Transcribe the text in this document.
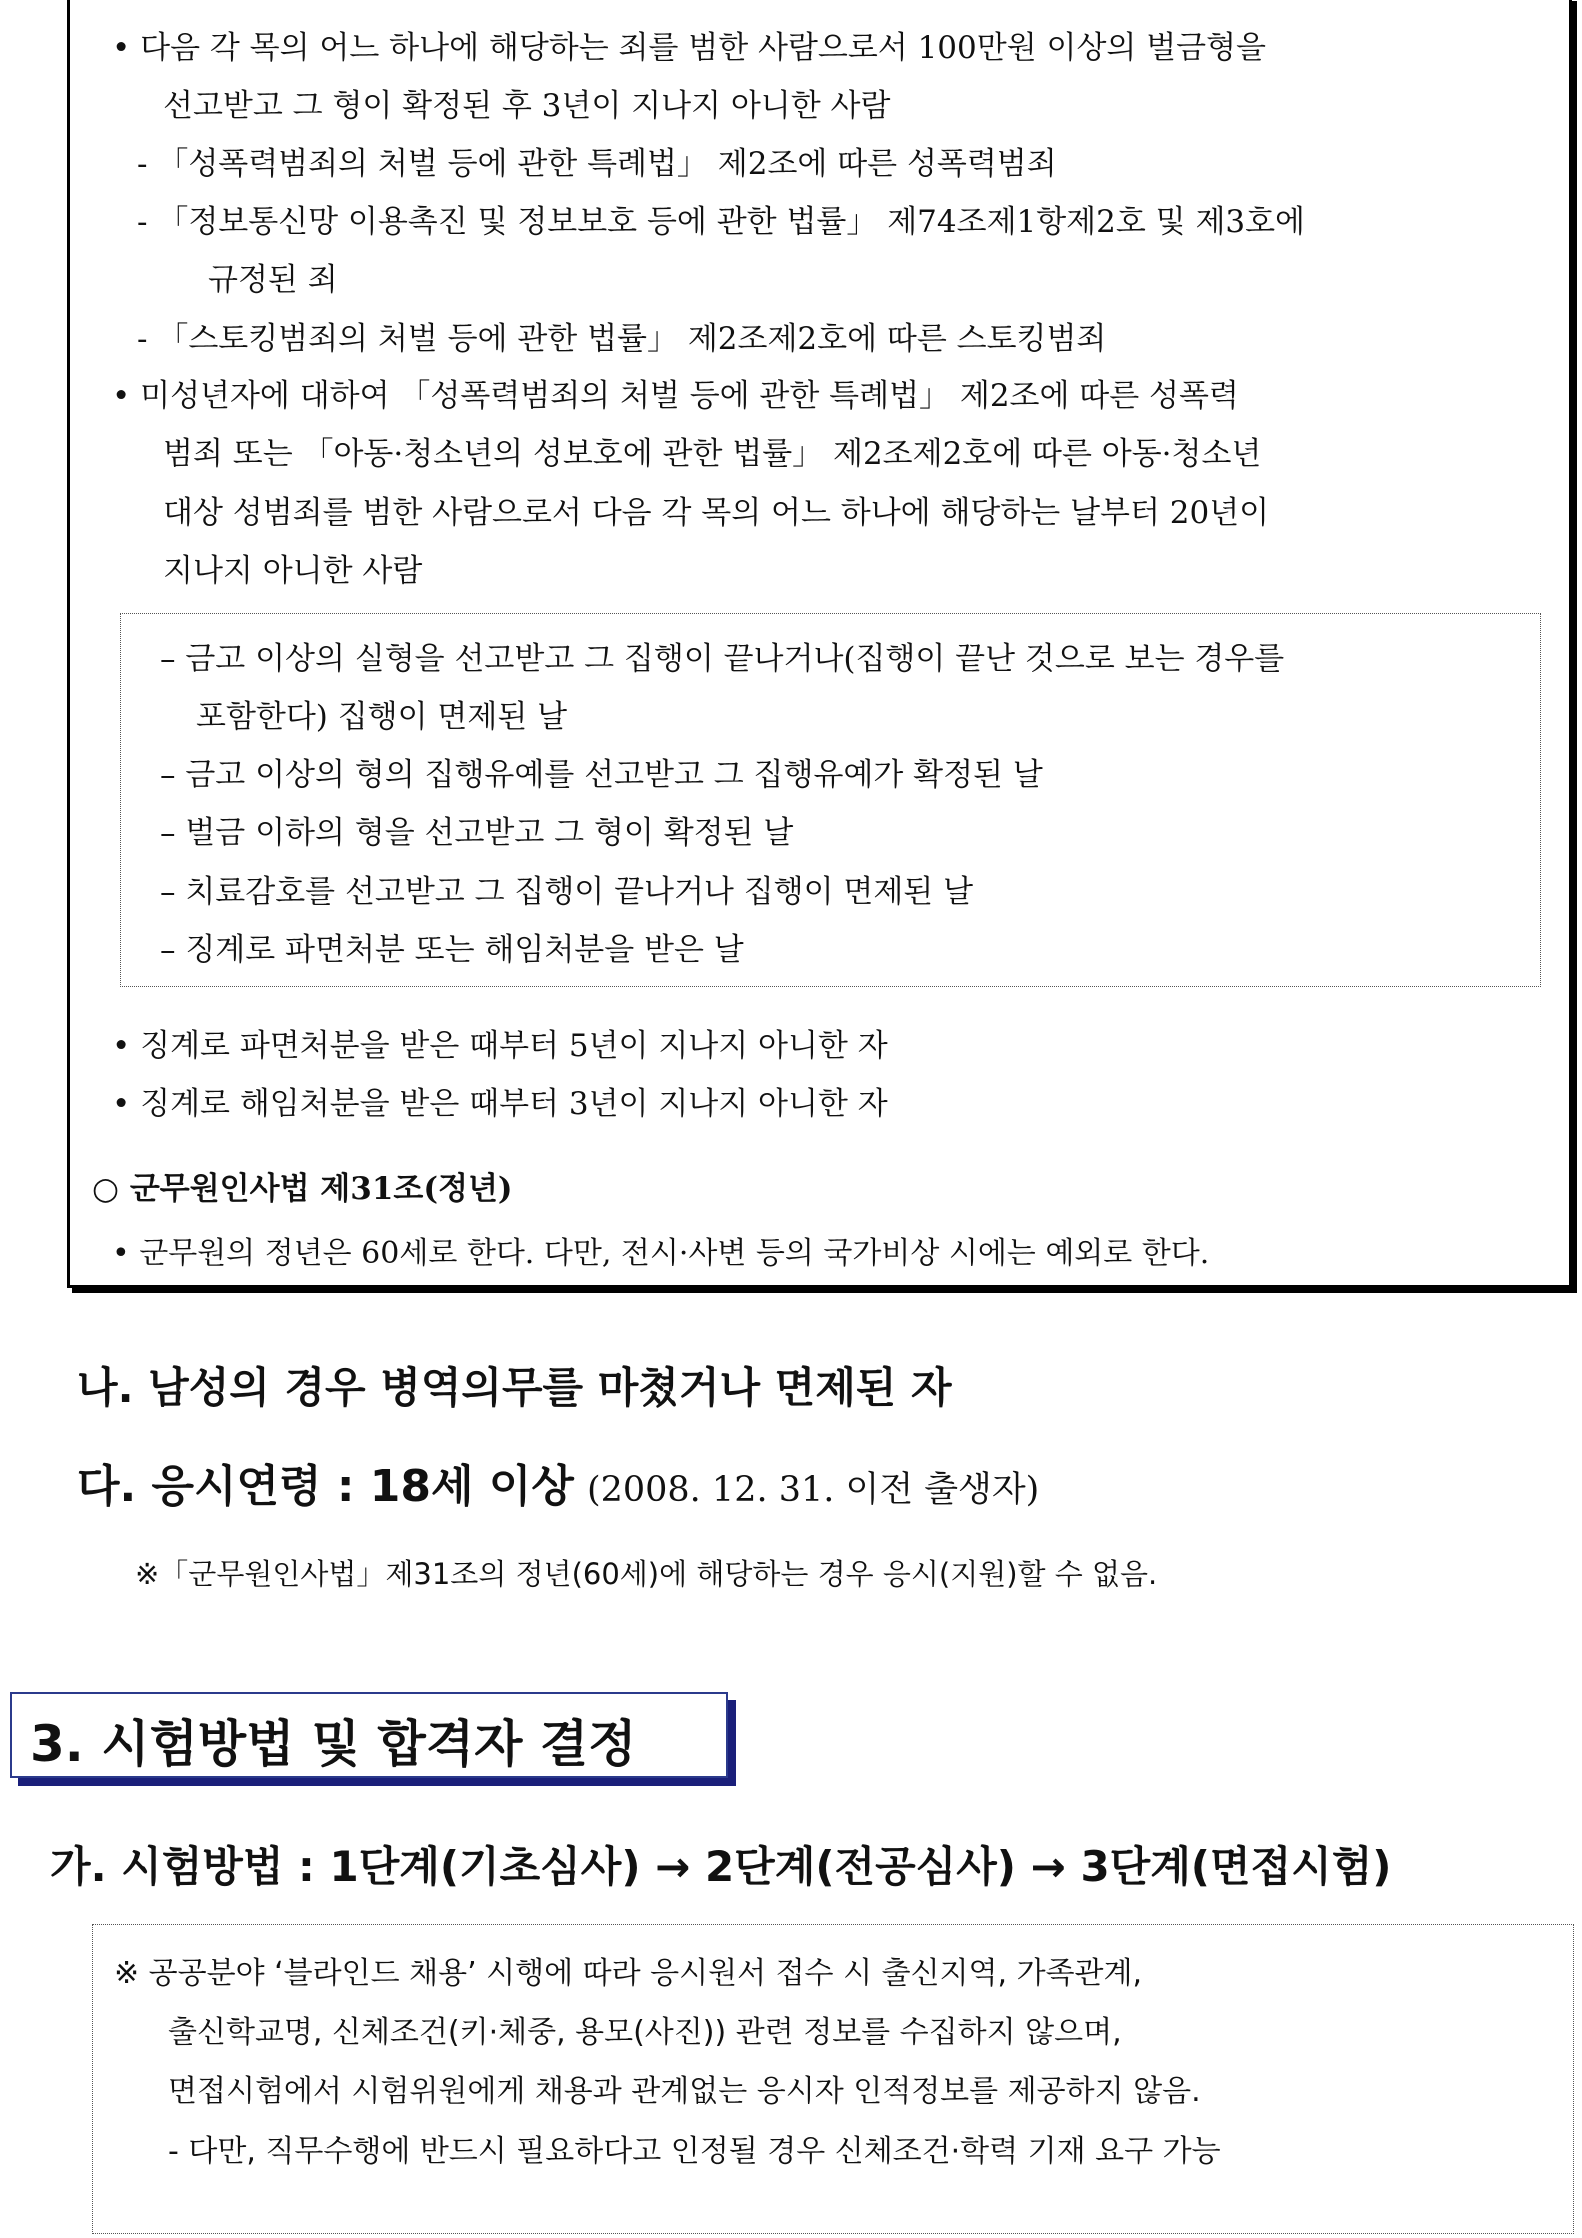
• 다음 각 목의 어느 하나에 해당하는 죄를 범한 사람으로서 100만원 이상의 벌금형을
선고받고 그 형이 확정된 후 3년이 지나지 아니한 사람
- 「성폭력범죄의 처벌 등에 관한 특례법」 제2조에 따른 성폭력범죄
- 「정보통신망 이용촉진 및 정보보호 등에 관한 법률」 제74조제1항제2호 및 제3호에
규정된 죄
- 「스토킹범죄의 처벌 등에 관한 법률」 제2조제2호에 따른 스토킹범죄
• 미성년자에 대하여 「성폭력범죄의 처벌 등에 관한 특례법」 제2조에 따른 성폭력
범죄 또는 「아동·청소년의 성보호에 관한 법률」 제2조제2호에 따른 아동·청소년
대상 성범죄를 범한 사람으로서 다음 각 목의 어느 하나에 해당하는 날부터 20년이
지나지 아니한 사람
– 금고 이상의 실형을 선고받고 그 집행이 끝나거나(집행이 끝난 것으로 보는 경우를
포함한다) 집행이 면제된 날
– 금고 이상의 형의 집행유예를 선고받고 그 집행유예가 확정된 날
– 벌금 이하의 형을 선고받고 그 형이 확정된 날
– 치료감호를 선고받고 그 집행이 끝나거나 집행이 면제된 날
– 징계로 파면처분 또는 해임처분을 받은 날
• 징계로 파면처분을 받은 때부터 5년이 지나지 아니한 자
• 징계로 해임처분을 받은 때부터 3년이 지나지 아니한 자
○ 군무원인사법 제31조(정년)
• 군무원의 정년은 60세로 한다. 다만, 전시·사변 등의 국가비상 시에는 예외로 한다.
나. 남성의 경우 병역의무를 마쳤거나 면제된 자
다. 응시연령 : 18세 이상 (2008. 12. 31. 이전 출생자)
※「군무원인사법」제31조의 정년(60세)에 해당하는 경우 응시(지원)할 수 없음.
3. 시험방법 및 합격자 결정
가. 시험방법 : 1단계(기초심사) → 2단계(전공심사) → 3단계(면접시험)
※ 공공분야 ‘블라인드 채용’ 시행에 따라 응시원서 접수 시 출신지역, 가족관계,
출신학교명, 신체조건(키·체중, 용모(사진)) 관련 정보를 수집하지 않으며,
면접시험에서 시험위원에게 채용과 관계없는 응시자 인적정보를 제공하지 않음.
- 다만, 직무수행에 반드시 필요하다고 인정될 경우 신체조건·학력 기재 요구 가능
